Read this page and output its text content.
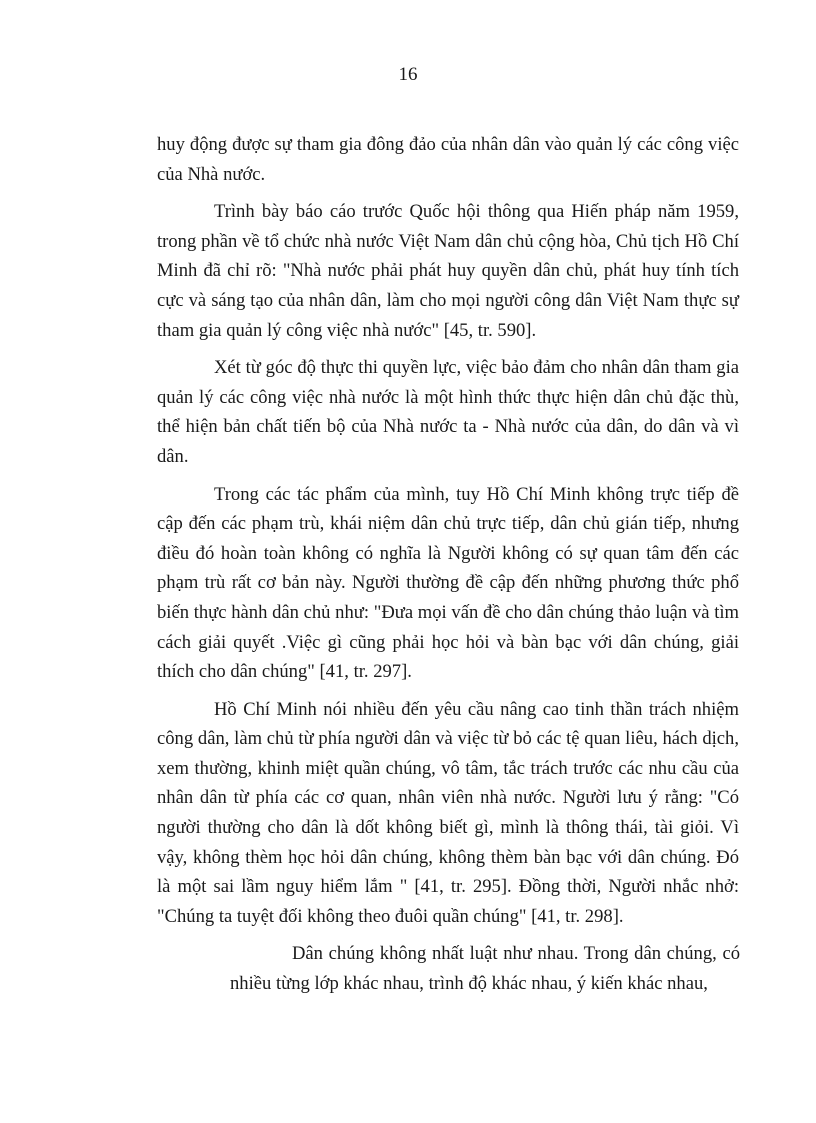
16

huy động được sự tham gia đông đảo của nhân dân vào quản lý các công việc của Nhà nước.

Trình bày báo cáo trước Quốc hội thông qua Hiến pháp năm 1959, trong phần về tổ chức nhà nước Việt Nam dân chủ cộng hòa, Chủ tịch Hồ Chí Minh đã chỉ rõ: "Nhà nước phải phát huy quyền dân chủ, phát huy tính tích cực và sáng tạo của nhân dân, làm cho mọi người công dân Việt Nam thực sự tham gia quản lý công việc nhà nước" [45, tr. 590].

Xét từ góc độ thực thi quyền lực, việc bảo đảm cho nhân dân tham gia quản lý các công việc nhà nước là một hình thức thực hiện dân chủ đặc thù, thể hiện bản chất tiến bộ của Nhà nước ta - Nhà nước của dân, do dân và vì dân.

Trong các tác phẩm của mình, tuy Hồ Chí Minh không trực tiếp đề cập đến các phạm trù, khái niệm dân chủ trực tiếp, dân chủ gián tiếp, nhưng điều đó hoàn toàn không có nghĩa là Người không có sự quan tâm đến các phạm trù rất cơ bản này. Người thường đề cập đến những phương thức phổ biến thực hành dân chủ như: "Đưa mọi vấn đề cho dân chúng thảo luận và tìm cách giải quyết .Việc gì cũng phải học hỏi và bàn bạc với dân chúng, giải thích cho dân chúng" [41, tr. 297].

Hồ Chí Minh nói nhiều đến yêu cầu nâng cao tinh thần trách nhiệm công dân, làm chủ từ phía người dân và việc từ bỏ các tệ quan liêu, hách dịch, xem thường, khinh miệt quần chúng, vô tâm, tắc trách trước các nhu cầu của nhân dân từ phía các cơ quan, nhân viên nhà nước. Người lưu ý rằng: "Có người thường cho dân là dốt không biết gì, mình là thông thái, tài giỏi. Vì vậy, không thèm học hỏi dân chúng, không thèm bàn bạc với dân chúng. Đó là một sai lầm nguy hiểm lắm " [41, tr. 295]. Đồng thời, Người nhắc nhở: "Chúng ta tuyệt đối không theo đuôi quần chúng" [41, tr. 298].

Dân chúng không nhất luật như nhau. Trong dân chúng, có nhiều từng lớp khác nhau, trình độ khác nhau, ý kiến khác nhau,
